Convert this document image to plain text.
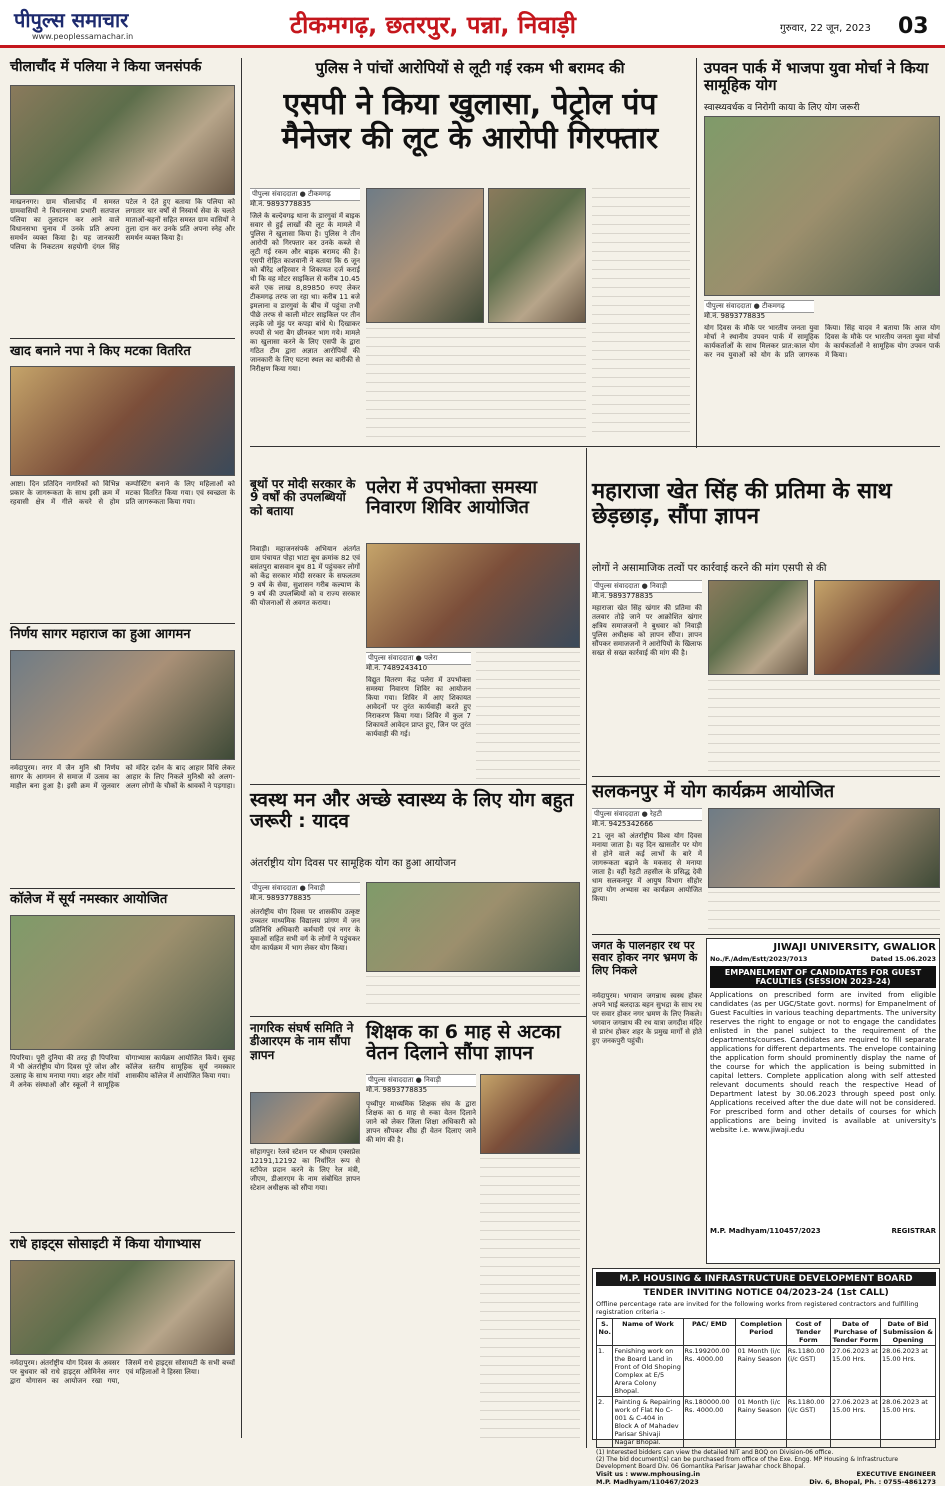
पीपुल्स समाचार
www.peoplessamachar.in	टीकमगढ़, छतरपुर, पन्ना, निवाड़ी	गुरुवार, 22 जून, 2023 03
चीलाचौंद में पलिया ने किया जनसंपर्क
माखननगर। ग्राम चीलाचौंद में समस्त ग्रामवासियों ने विधानसभा प्रभारी सतपाल पलिया का तुलादान कर आने वाले विधानसभा चुनाव में उनके प्रति अपना समर्थन व्यक्त किया है। यह जानकारी पलिया के निकटतम सहयोगी दंगल सिंह पटेल ने देते हुए बताया कि पलिया को लगातार चार वर्षों से निस्वार्थ सेवा के चलते माताओं-बहनों सहित समस्त ग्राम वासियों ने तुला दान कर उनके प्रति अपना स्नेह और समर्थन व्यक्त किया है।
खाद बनाने नपा ने किए मटका वितरित
आष्टा। दिन प्रतिदिन नागरिकों को विभिन्न प्रकार के जागरूकता के साथ इसी क्रम में रहवासी क्षेत्र में गीले कचरे से होम कम्पोस्टिंग बनाने के लिए महिलाओं को मटका वितरित किया गया। एवं स्वच्छता के प्रति जागरूकता किया गया।
निर्णय सागर महाराज का हुआ आगमन
नर्मदापुरम। नगर में जैन मुनि श्री निर्णय सागर के आगमन से समाज में उत्सव का माहौल बना हुआ है। इसी क्रम में जुलवार को मंदिर दर्शन के बाद आहार विधि लेकर आहार के लिए निकले मुनिश्री को अलग-अलग लोगों के चौकों के श्रावकों ने पड़गाहा।
कॉलेज में सूर्य नमस्कार आयोजित
पिपरिया। पूरी दुनिया की तरह ही पिपरिया में भी अंतर्राष्ट्रीय योग दिवस पूरे जोश और उत्साह के साथ मनाया गया। शहर और गांवों में अनेक संस्थाओं और स्कूलों ने सामूहिक योगाभ्यास कार्यक्रम आयोजित किये। सुबह कॉलेज स्तरीय सामूहिक सूर्य नमस्कार शासकीय कॉलेज में आयोजित किया गया।
राधे हाइट्स सोसाइटी में किया योगाभ्यास
नर्मदापुरम। अंतर्राष्ट्रीय योग दिवस के अवसर पर बुधवार को राधे हाइट्स ओमिनेस नगर द्वारा योगासन का आयोजन रखा गया, जिसमें राधे हाइट्स सोसायटी के सभी बच्चों एवं महिलाओं ने हिस्सा लिया।
पुलिस ने पांचों आरोपियों से लूटी गई रकम भी बरामद की
एसपी ने किया खुलासा, पेट्रोल पंप मैनेजर की लूट के आरोपी गिरफ्तार
पीपुल्स संवाददाता ● टीकमगढ़
मो.नं. 9893778835
जिले के बल्देवगढ़ थाना के डारगुवां में बाइक सवार से हुई लाखों की लूट के मामले में पुलिस ने खुलासा किया है। पुलिस ने तीन आरोपी को गिरफ्तार कर उनके कब्जे से लूटी गई रकम और बाइक बरामद की है। एसपी रोहित काशवानी ने बताया कि 6 जून को बीरेंद्र अहिरवार ने शिकायत दर्ज कराई थी कि वह मोटर साइकिल से करीब 10.45 बजे एक लाख 8,89850 रुपए लेकर टीकमगढ़ तरफ जा रहा था। करीब 11 बजे इमलाना व डारगुवां के बीच में पहुंचा तभी पीछे तरफ से काली मोटर साइकिल पर तीन लड़के जो मुंह पर कपड़ा बांधे थे। दिखाकर रुपयों से भरा बैग छीनकर भाग गये। मामले का खुलासा करने के लिए एसपी के द्वारा गठित टीम द्वारा अज्ञात आरोपियों की जानकारी के लिए घटना स्थल का बारीकी से निरीक्षण किया गया।
बूथों पर मोदी सरकार के 9 वर्षों की उपलब्धियों को बताया
निवाड़ी। महाजनसंपर्क अभियान अंतर्गत ग्राम पंचायत पोहा भाटा बूथ क्रमांक 82 एवं बसंतपुरा बासवान बूथ 81 में पहुंचकर लोगों को केंद्र सरकार मोदी सरकार के सफलतम 9 वर्ष के सेवा, सुशासन गरीब कल्याण के 9 वर्ष की उपलब्धियों को व राज्य सरकार की योजनाओं से अवगत कराया।
पलेरा में उपभोक्ता समस्या निवारण शिविर आयोजित
पीपुल्स संवाददाता ● पलेरा
मो.नं. 7489243410
विद्युत वितरण केंद्र पलेरा में उपभोक्ता समस्या निवारण शिविर का आयोजन किया गया। शिविर में आए शिकायत आवेदनों पर तुरंत कार्यवाही करते हुए निराकरण किया गया। शिविर में कुल 7 शिकायतें आवेदन प्राप्त हुए, जिन पर तुरंत कार्यवाही की गई।
स्वस्थ मन और अच्छे स्वास्थ्य के लिए योग बहुत जरूरी : यादव
अंतर्राष्ट्रीय योग दिवस पर सामूहिक योग का हुआ आयोजन
पीपुल्स संवाददाता ● निवाड़ी
मो.नं. 9893778835
अंतर्राष्ट्रीय योग दिवस पर शासकीय उत्कृष्ट उच्चतर माध्यमिक विद्यालय प्रांगण में जन प्रतिनिधि अधिकारी कर्मचारी एवं नगर के युवाओं सहित सभी वर्ग के लोगों ने पहुंचकर योग कार्यक्रम में भाग लेकर योग किया।
नागरिक संघर्ष समिति ने डीआरएम के नाम सौंपा ज्ञापन
सोहागपुर। रेलवे स्टेशन पर श्रीधाम एक्सप्रेस 12191,12192 का निर्धारित रूप से स्टॉपेज प्रदान करने के लिए रेल मंत्री, जीएम, डीआरएम के नाम संबोधित ज्ञापन स्टेशन अधीक्षक को सौंपा गया।
शिक्षक का 6 माह से अटका वेतन दिलाने सौंपा ज्ञापन
पीपुल्स संवाददाता ● निवाड़ी
मो.नं. 9893778835
पृथ्वीपुर माध्यमिक शिक्षक संघ के द्वारा शिक्षक का 6 माह से रुका वेतन दिलाने जाने को लेकर जिला शिक्षा अधिकारी को ज्ञापन सौंपकर शीघ्र ही वेतन दिलाए जाने की मांग की है।
उपवन पार्क में भाजपा युवा मोर्चा ने किया सामूहिक योग
स्वास्थ्यवर्धक व निरोगी काया के लिए योग जरूरी
पीपुल्स संवाददाता ● टीकमगढ़
मो.नं. 9893778835
योग दिवस के मौके पर भारतीय जनता युवा मोर्चा ने स्थानीय उपवन पार्क में सामूहिक कार्यकर्ताओं के साथ मिलकर प्रात:काल योग कर नव युवाओं को योग के प्रति जागरुक किया। सिंह यादव ने बताया कि आज योग दिवस के मौके पर भारतीय जनता युवा मोर्चा के कार्यकर्ताओं ने सामूहिक योग उपवन पार्क में किया।
महाराजा खेत सिंह की प्रतिमा के साथ छेड़छाड़, सौंपा ज्ञापन
लोगों ने असामाजिक तत्वों पर कार्रवाई करने की मांग एसपी से की
पीपुल्स संवाददाता ● निवाड़ी
मो.नं. 9893778835
महाराजा खेत सिंह खंगार की प्रतिमा की तलवार तोड़े जाने पर आक्रोशित खंगार क्षत्रिय समाजजनों ने बुधवार को निवाड़ी पुलिस अधीक्षक को ज्ञापन सौंपा। ज्ञापन सौंपकर समाजजनों ने आरोपियों के खिलाफ सख्त से सख्त कार्रवाई की मांग की है।
सलकनपुर में योग कार्यक्रम आयोजित
पीपुल्स संवाददाता ● रेहटी
मो.नं. 9425342666
21 जून को अंतर्राष्ट्रीय विश्व योग दिवस मनाया जाता है। यह दिन खासतौर पर योग से होने वाले कई लाभों के बारे में जागरूकता बढ़ाने के मकसद से मनाया जाता है। वहीं रेहटी तहसील के प्रसिद्ध देवी धाम सलकनपुर में आयुष विभाग सीहोर द्वारा योग अभ्यास का कार्यक्रम आयोजित किया।
जगत के पालनहार रथ पर सवार होकर नगर भ्रमण के लिए निकले
नर्मदापुरम। भगवान जगन्नाथ स्वस्थ होकर अपने भाई बलदाऊ बहन सुभद्रा के साथ रथ पर सवार होकर नगर भ्रमण के लिए निकले। भगवान जगन्नाथ की रथ यात्रा जगदीश मंदिर से प्रारंभ होकर शहर के प्रमुख मार्गों से होते हुए जनकपुरी पहुंची।
JIWAJI UNIVERSITY, GWALIOR
No./F./Adm/Estt/2023/7013	Dated 15.06.2023
EMPANELMENT OF CANDIDATES FOR GUEST FACULTIES (SESSION 2023-24)
Applications on prescribed form are invited from eligible candidates (as per UGC/State govt. norms) for Empanelment of Guest Faculties in various teaching departments. The university reserves the right to engage or not to engage the candidates enlisted in the panel subject to the requirement of the departments/courses. Candidates are required to fill separate applications for different departments. The envelope containing the application form should prominently display the name of the course for which the application is being submitted in capital letters. Complete application along with self attested relevant documents should reach the respective Head of Department latest by 30.06.2023 through speed post only. Applications received after the due date will not be considered. For prescribed form and other details of courses for which applications are being invited is available at university's website i.e. www.jiwaji.edu
M.P. Madhyam/110457/2023	REGISTRAR
M.P. HOUSING & INFRASTRUCTURE DEVELOPMENT BOARD
TENDER INVITING NOTICE 04/2023-24 (1st CALL)
Offline percentage rate are invited for the following works from registered contractors and fulfilling registration criteria :-
S. No.	Name of Work	PAC/ EMD	Completion Period	Cost of Tender Form	Date of Purchase of Tender Form	Date of Bid Submission & Opening
1.	Fenishing work on the Board Land in Front of Old Shoping Complex at E/5 Arera Colony Bhopal.	Rs.199200.00 Rs. 4000.00	01 Month (i/c Rainy Season	Rs.1180.00 (i/c GST)	27.06.2023 at 15.00 Hrs.	28.06.2023 at 15.00 Hrs.
2.	Painting & Repairing work of Flat No C-001 & C-404 in Block A of Mahadev Parisar Shivaji Nagar Bhopal.	Rs.180000.00 Rs. 4000.00	01 Month (i/c Rainy Season	Rs.1180.00 (i/c GST)	27.06.2023 at 15.00 Hrs.	28.06.2023 at 15.00 Hrs.
(1) Interested bidders can view the detailed NIT and BOQ on Division-06 office.
(2) The bid document(s) can be purchased from office of the Exe. Engg. MP Housing & Infrastructure Development Board Div. 06 Gomantika Parisar Jawahar chock Bhopal.
Visit us : www.mphousing.in	EXECUTIVE ENGINEER
M.P. Madhyam/110467/2023	Div. 6, Bhopal, Ph. : 0755-4861273
